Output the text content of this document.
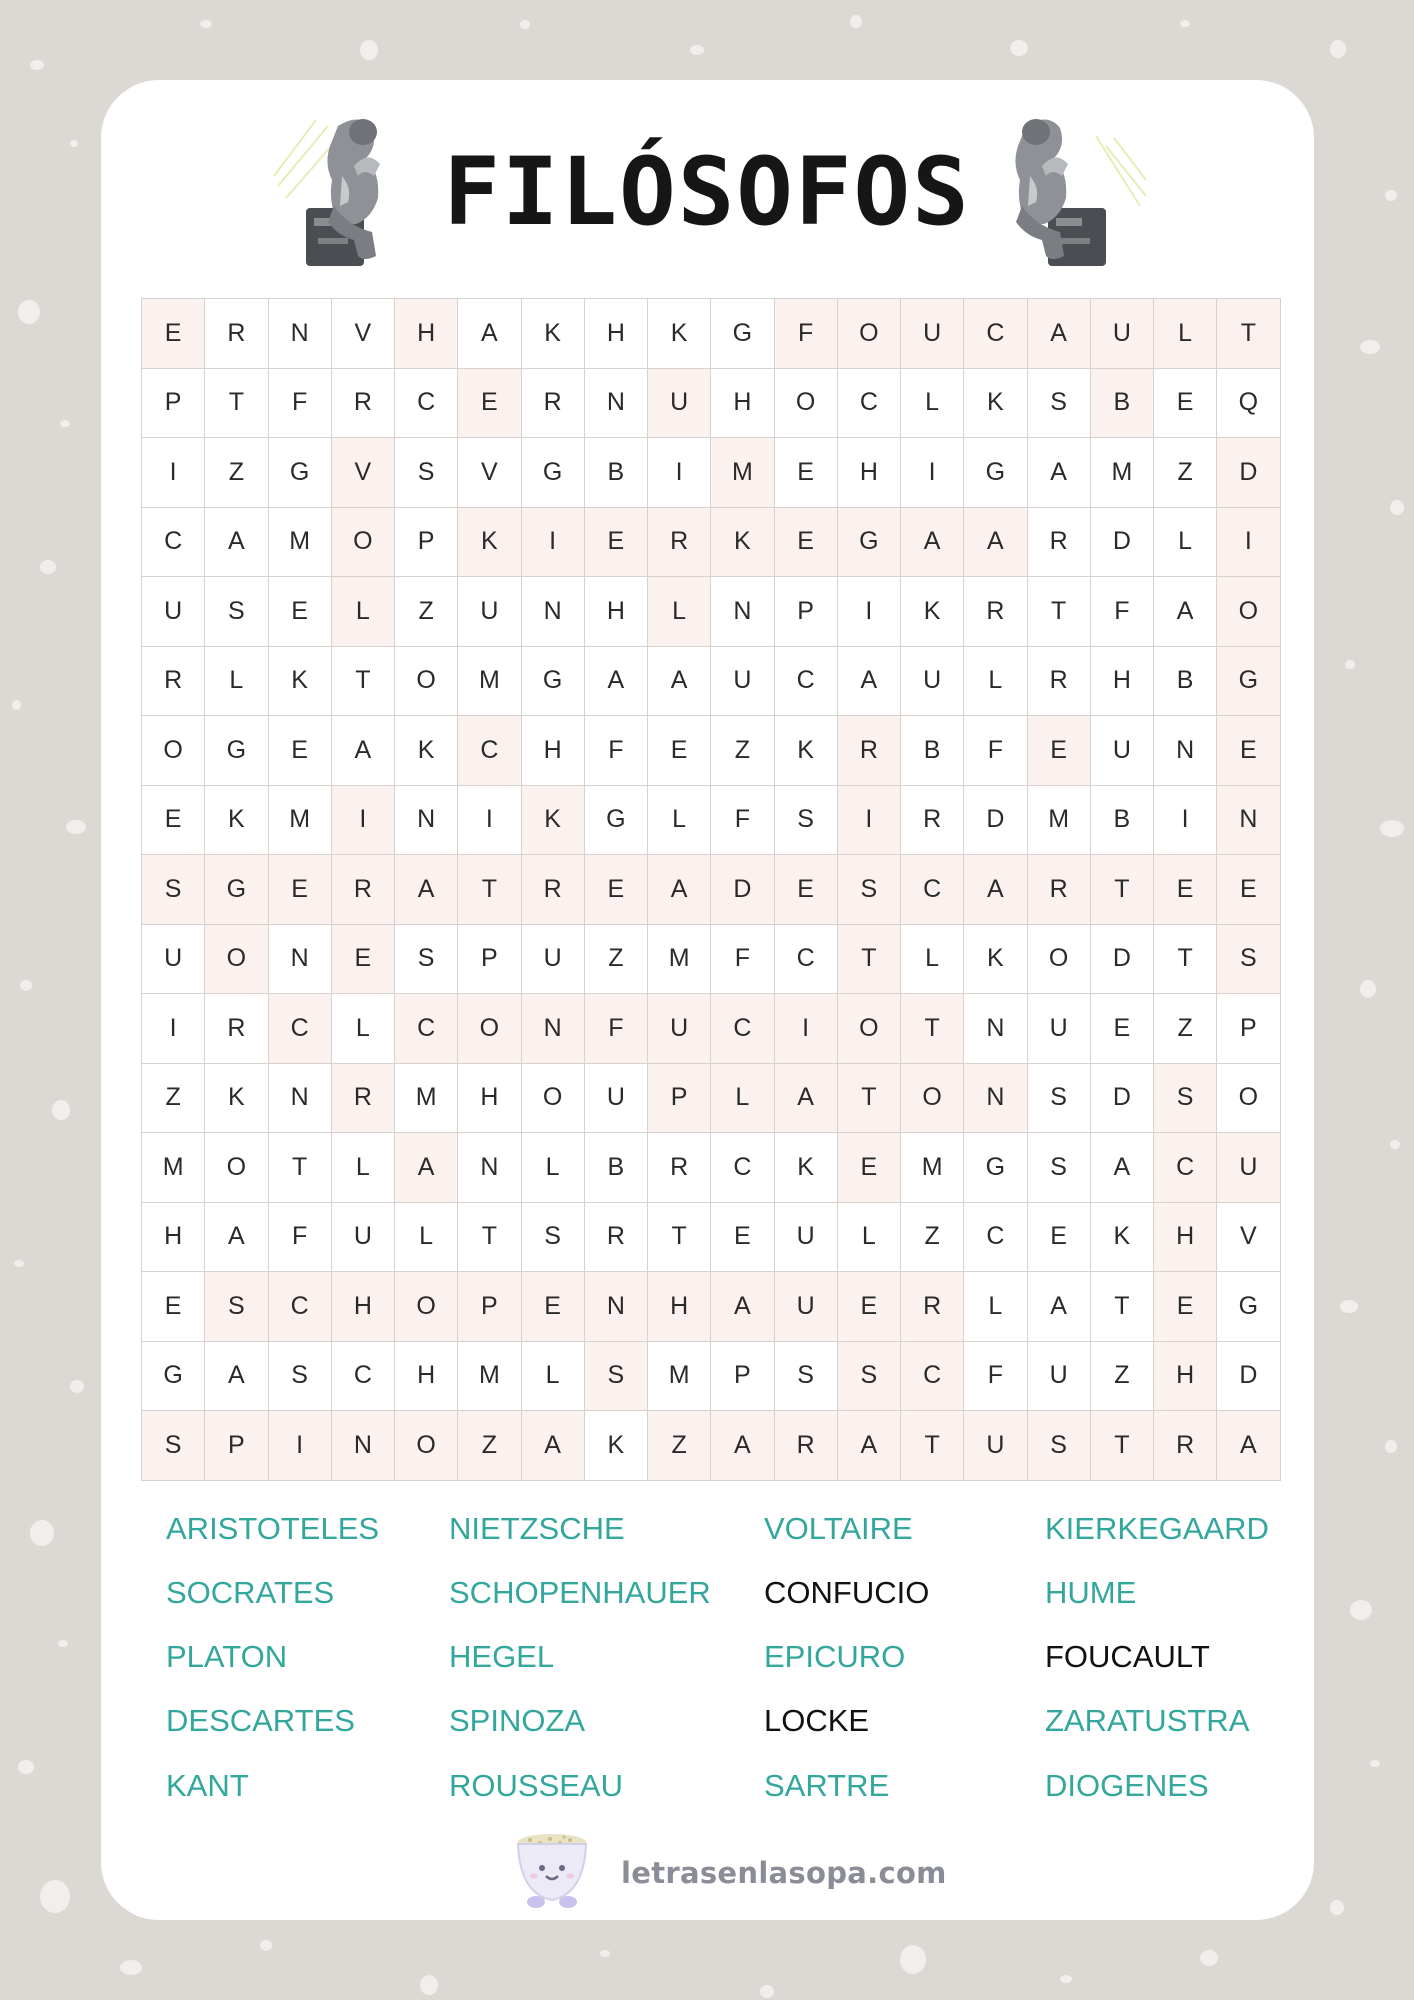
FILÓSOFOS
E	R	N	V	H	A	K	H	K	G	F	O	U	C	A	U	L	T
P	T	F	R	C	E	R	N	U	H	O	C	L	K	S	B	E	Q
I	Z	G	V	S	V	G	B	I	M	E	H	I	G	A	M	Z	D
C	A	M	O	P	K	I	E	R	K	E	G	A	A	R	D	L	I
U	S	E	L	Z	U	N	H	L	N	P	I	K	R	T	F	A	O
R	L	K	T	O	M	G	A	A	U	C	A	U	L	R	H	B	G
O	G	E	A	K	C	H	F	E	Z	K	R	B	F	E	U	N	E
E	K	M	I	N	I	K	G	L	F	S	I	R	D	M	B	I	N
S	G	E	R	A	T	R	E	A	D	E	S	C	A	R	T	E	E
U	O	N	E	S	P	U	Z	M	F	C	T	L	K	O	D	T	S
I	R	C	L	C	O	N	F	U	C	I	O	T	N	U	E	Z	P
Z	K	N	R	M	H	O	U	P	L	A	T	O	N	S	D	S	O
M	O	T	L	A	N	L	B	R	C	K	E	M	G	S	A	C	U
H	A	F	U	L	T	S	R	T	E	U	L	Z	C	E	K	H	V
E	S	C	H	O	P	E	N	H	A	U	E	R	L	A	T	E	G
G	A	S	C	H	M	L	S	M	P	S	S	C	F	U	Z	H	D
S	P	I	N	O	Z	A	K	Z	A	R	A	T	U	S	T	R	A
ARISTOTELES
SOCRATES
PLATON
DESCARTES
KANT
NIETZSCHE
SCHOPENHAUER
HEGEL
SPINOZA
ROUSSEAU
VOLTAIRE
CONFUCIO
EPICURO
LOCKE
SARTRE
KIERKEGAARD
HUME
FOUCAULT
ZARATUSTRA
DIOGENES
letrasenlasopa.com
